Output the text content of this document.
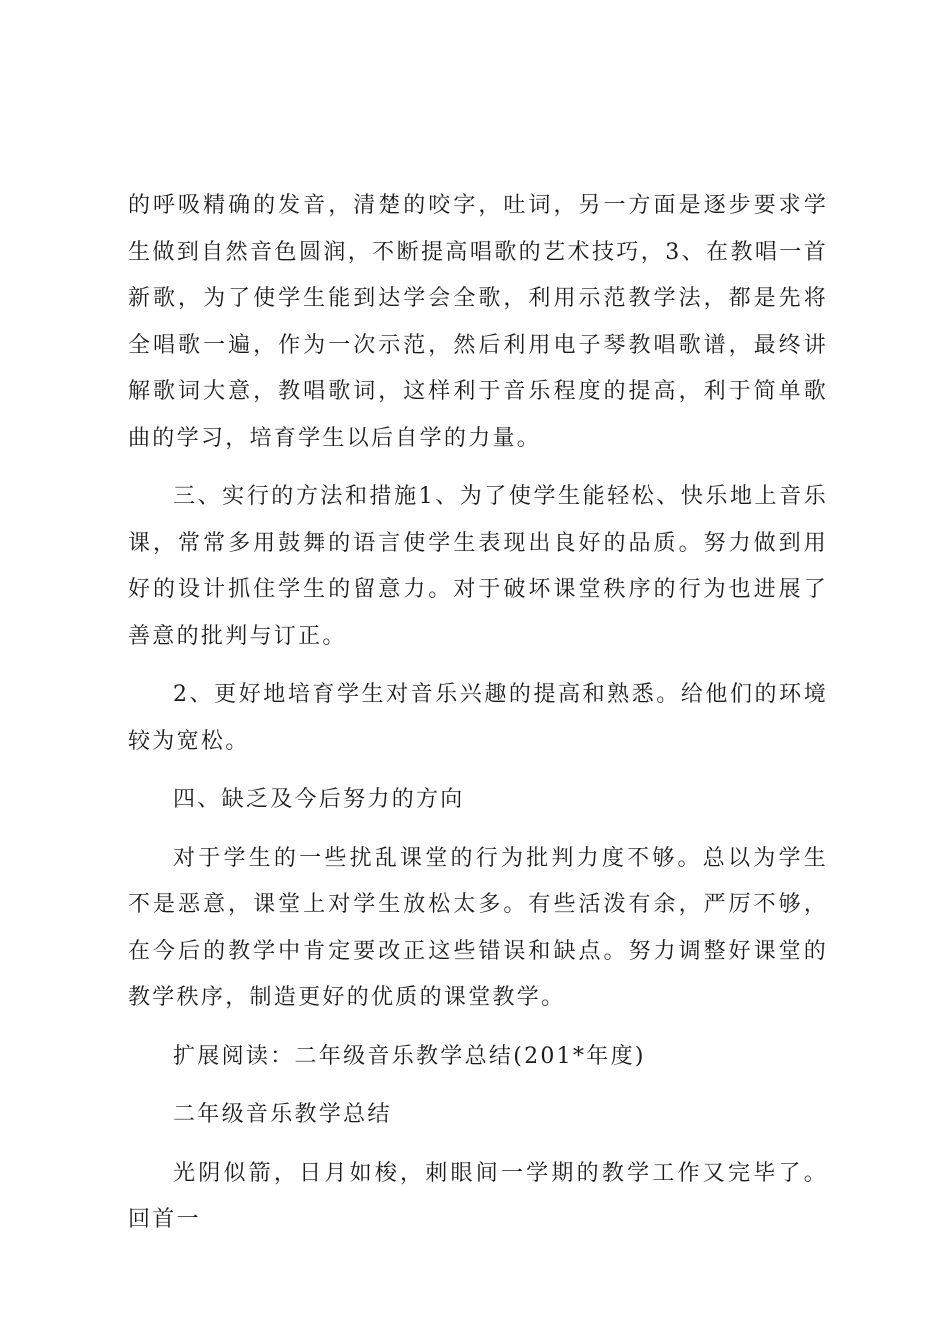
的呼吸精确的发音，清楚的咬字，吐词，另一方面是逐步要求学生做到自然音色圆润，不断提高唱歌的艺术技巧，3、在教唱一首新歌，为了使学生能到达学会全歌，利用示范教学法，都是先将全唱歌一遍，作为一次示范，然后利用电子琴教唱歌谱，最终讲解歌词大意，教唱歌词，这样利于音乐程度的提高，利于简单歌曲的学习，培育学生以后自学的力量。

三、实行的方法和措施1、为了使学生能轻松、快乐地上音乐课，常常多用鼓舞的语言使学生表现出良好的品质。努力做到用好的设计抓住学生的留意力。对于破坏课堂秩序的行为也进展了善意的批判与订正。

2、更好地培育学生对音乐兴趣的提高和熟悉。给他们的环境较为宽松。

四、缺乏及今后努力的方向

对于学生的一些扰乱课堂的行为批判力度不够。总以为学生不是恶意，课堂上对学生放松太多。有些活泼有余，严厉不够，在今后的教学中肯定要改正这些错误和缺点。努力调整好课堂的教学秩序，制造更好的优质的课堂教学。

扩展阅读：二年级音乐教学总结(201*年度)

二年级音乐教学总结

光阴似箭，日月如梭，刺眼间一学期的教学工作又完毕了。回首一
